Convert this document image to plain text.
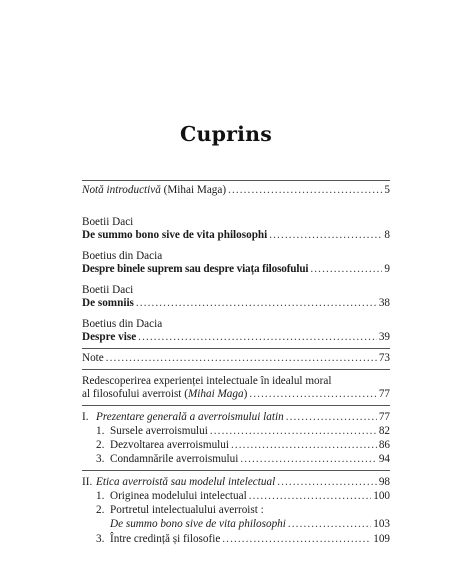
Cuprins
Notă introductivă (Mihai Maga) .....	5
Boetii Daci
De summo bono sive de vita philosophi .....	8
Boetius din Dacia
Despre binele suprem sau despre viața filosofului .....	9
Boetii Daci
De somniis .....	38
Boetius din Dacia
Despre vise .....	39
Note .....	73
Redescoperirea experienței intelectuale în idealul moral
al filosofului averroist (Mihai Maga) .....	77
I. Prezentare generală a averroismului latin .....	77
1. Sursele averroismului .....	82
2. Dezvoltarea averroismului .....	86
3. Condamnările averroismului .....	94
II. Etica averroistă sau modelul intelectual .....	98
1. Originea modelului intelectual .....	100
2. Portretul intelectualului averroist :
De summo bono sive de vita philosophi .....	103
3. Între credință și filosofie .....	109
